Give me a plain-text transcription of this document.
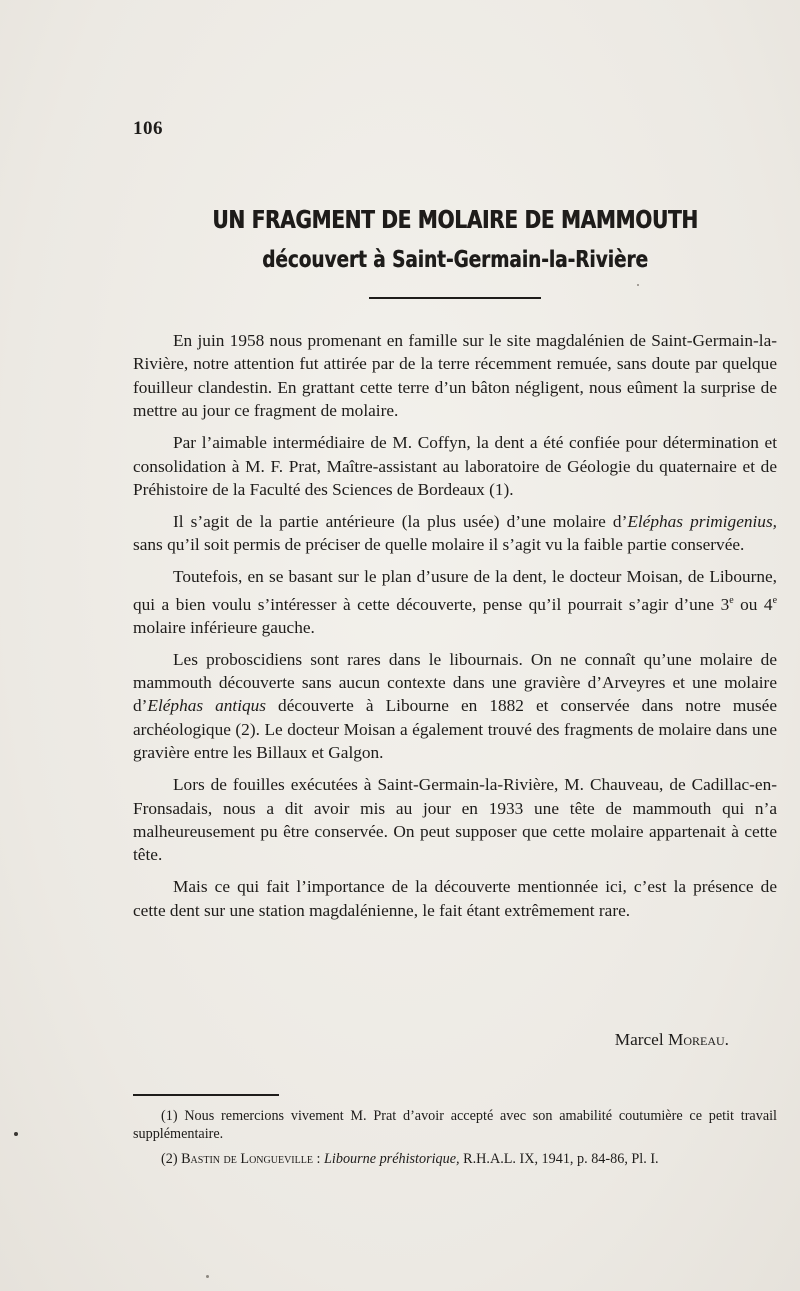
106
UN FRAGMENT DE MOLAIRE DE MAMMOUTH
découvert à Saint-Germain-la-Rivière

En juin 1958 nous promenant en famille sur le site magdalénien de Saint-Germain-la-Rivière, notre attention fut attirée par de la terre récemment remuée, sans doute par quelque fouilleur clandestin. En grattant cette terre d’un bâton négligent, nous eûment la surprise de mettre au jour ce fragment de molaire.

Par l’aimable intermédiaire de M. Coffyn, la dent a été confiée pour détermination et consolidation à M. F. Prat, Maître-assistant au laboratoire de Géologie du quaternaire et de Préhistoire de la Faculté des Sciences de Bordeaux (1).

Il s’agit de la partie antérieure (la plus usée) d’une molaire d’Eléphas primigenius, sans qu’il soit permis de préciser de quelle molaire il s’agit vu la faible partie conservée.

Toutefois, en se basant sur le plan d’usure de la dent, le docteur Moisan, de Libourne, qui a bien voulu s’intéresser à cette découverte, pense qu’il pourrait s’agir d’une 3e ou 4e molaire inférieure gauche.

Les proboscidiens sont rares dans le libournais. On ne connaît qu’une molaire de mammouth découverte sans aucun contexte dans une gravière d’Arveyres et une molaire d’Eléphas antiqus découverte à Libourne en 1882 et conservée dans notre musée archéologique (2). Le docteur Moisan a également trouvé des fragments de molaire dans une gravière entre les Billaux et Galgon.

Lors de fouilles exécutées à Saint-Germain-la-Rivière, M. Chauveau, de Cadillac-en-Fronsadais, nous a dit avoir mis au jour en 1933 une tête de mammouth qui n’a malheureusement pu être conservée. On peut supposer que cette molaire appartenait à cette tête.

Mais ce qui fait l’importance de la découverte mentionnée ici, c’est la présence de cette dent sur une station magdalénienne, le fait étant extrêmement rare.

Marcel Moreau.

(1) Nous remercions vivement M. Prat d’avoir accepté avec son amabilité coutumière ce petit travail supplémentaire.

(2) Bastin de Longueville : Libourne préhistorique, R.H.A.L. IX, 1941, p. 84-86, Pl. I.
